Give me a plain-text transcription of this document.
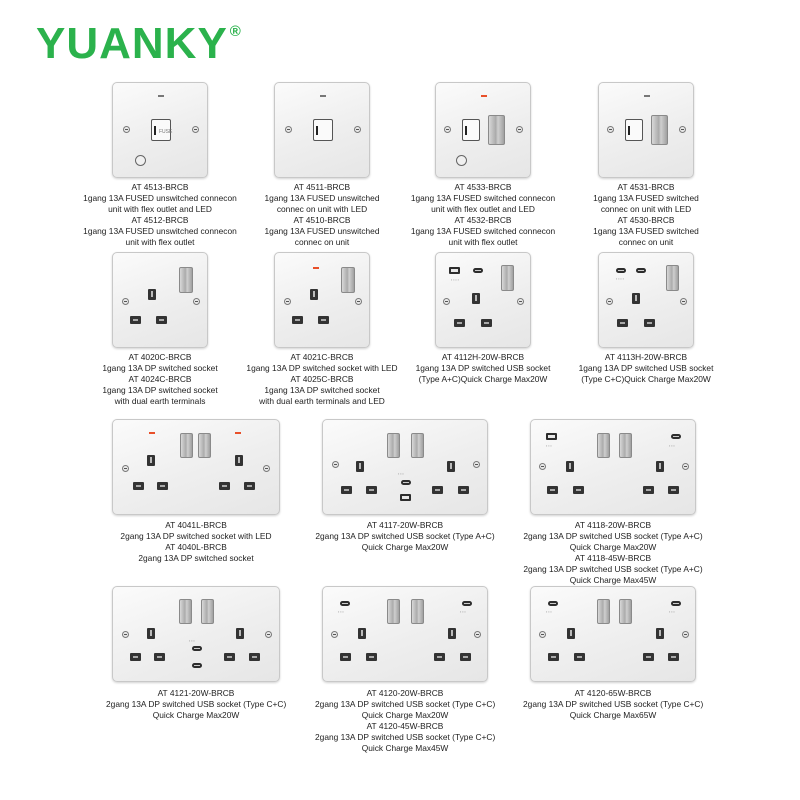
YUANKY ®
FUSE
AT 4513-BRCB
1gang 13A FUSED unswitched connecon
unit with flex outlet and LED
AT 4512-BRCB
1gang 13A FUSED unswitched connecon
unit with flex outlet
AT 4511-BRCB
1gang 13A FUSED unswitched
connec on unit with LED
AT 4510-BRCB
1gang 13A FUSED unswitched
connec on unit
AT 4533-BRCB
1gang 13A FUSED switched connecon
unit with flex outlet and LED
AT 4532-BRCB
1gang 13A FUSED switched connecon
unit with flex outlet
AT 4531-BRCB
1gang 13A FUSED switched
connec on unit with LED
AT 4530-BRCB
1gang 13A FUSED switched
connec on unit
AT 4020C-BRCB
1gang 13A DP switched socket
AT 4024C-BRCB
1gang 13A DP switched socket
with dual earth terminals
AT 4021C-BRCB
1gang 13A DP switched socket with LED
AT 4025C-BRCB
1gang 13A DP switched socket
with dual earth terminals and LED
▪ ▪ ▪ ▪
AT 4112H-20W-BRCB
1gang 13A DP switched USB socket
(Type A+C)Quick Charge Max20W
▪ ▪ ▪ ▪
AT 4113H-20W-BRCB
1gang 13A DP switched USB socket
(Type C+C)Quick Charge Max20W
AT 4041L-BRCB
2gang 13A DP switched socket with LED
AT 4040L-BRCB
2gang 13A DP switched socket
▪ ▪ ▪
AT 4117-20W-BRCB
2gang 13A DP switched USB socket (Type A+C)
Quick Charge Max20W
▪ ▪ ▪	▪ ▪ ▪
AT 4118-20W-BRCB
2gang 13A DP switched USB socket (Type A+C)
Quick Charge Max20W
AT 4118-45W-BRCB
2gang 13A DP switched USB socket (Type A+C)
Quick Charge Max45W
▪ ▪ ▪
AT 4121-20W-BRCB
2gang 13A DP switched USB socket (Type C+C)
Quick Charge Max20W
▪ ▪ ▪	▪ ▪ ▪
AT 4120-20W-BRCB
2gang 13A DP switched USB socket (Type C+C)
Quick Charge Max20W
AT 4120-45W-BRCB
2gang 13A DP switched USB socket (Type C+C)
Quick Charge Max45W
▪ ▪ ▪	▪ ▪ ▪
AT 4120-65W-BRCB
2gang 13A DP switched USB socket (Type C+C)
Quick Charge Max65W
